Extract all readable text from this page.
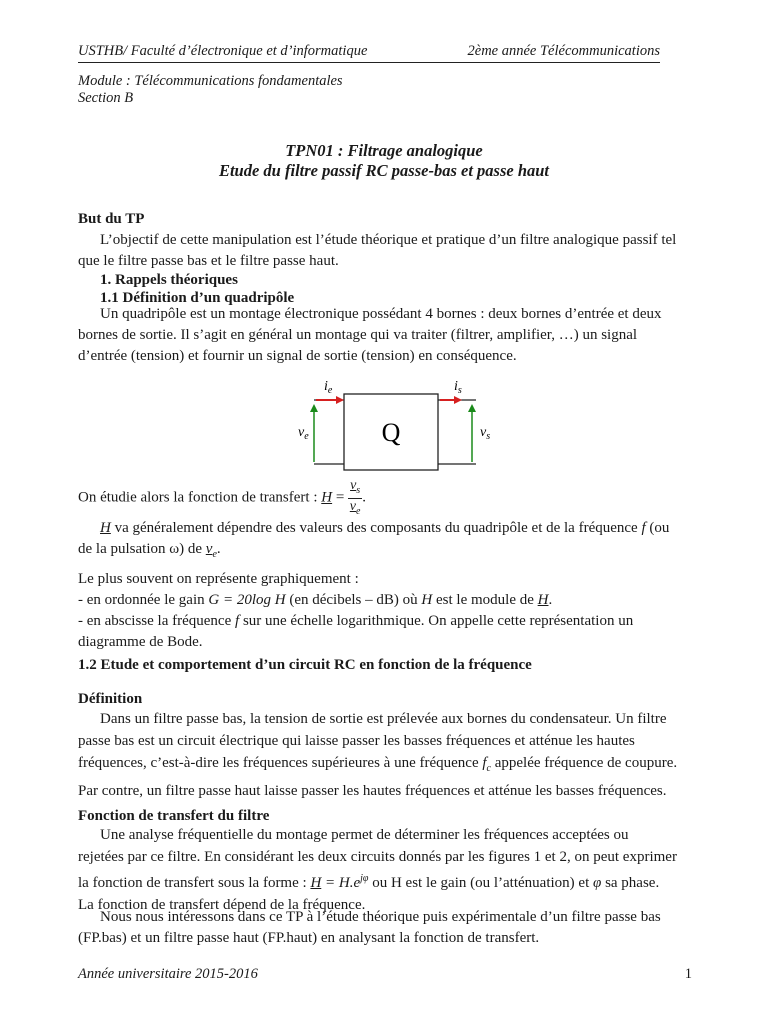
USTHB/ Faculté d’électronique et d’informatique	2ème année Télécommunications
Module : Télécommunications fondamentales
Section B
TPN01 : Filtrage analogique
Etude du filtre passif RC passe-bas et passe haut
But du TP
L’objectif de cette manipulation est l’étude théorique et pratique d’un filtre analogique passif tel que le filtre passe bas et le filtre passe haut.
1. Rappels théoriques
1.1 Définition d’un quadripôle
Un quadripôle est un montage électronique possédant 4 bornes : deux bornes d’entrée et deux bornes de sortie. Il s’agit en général un montage qui va traiter (filtrer, amplifier, …) un signal d’entrée (tension) et fournir un signal de sortie (tension) en conséquence.
Q
$i_e$	$i_s$
$v_e$	$v_s$
On étudie alors la fonction de transfert : $H = \frac{v_s}{v_e}$ .
H va généralement dépendre des valeurs des composants du quadripôle et de la fréquence f (ou de la pulsation ω) de $v_e$.
Le plus souvent on représente graphiquement :
- en ordonnée le gain G = 20log H (en décibels – dB) où H est le module de H.
- en abscisse la fréquence f sur une échelle logarithmique. On appelle cette représentation un diagramme de Bode.
1.2 Etude et comportement d’un circuit RC en fonction de la fréquence
Définition
Dans un filtre passe bas, la tension de sortie est prélevée aux bornes du condensateur. Un filtre passe bas est un circuit électrique qui laisse passer les basses fréquences et atténue les hautes fréquences, c’est-à-dire les fréquences supérieures à une fréquence $f_c$ appelée fréquence de coupure. Par contre, un filtre passe haut laisse passer les hautes fréquences et atténue les basses fréquences.
Fonction de transfert du filtre
Une analyse fréquentielle du montage permet de déterminer les fréquences acceptées ou rejetées par ce filtre. En considérant les deux circuits donnés par les figures 1 et 2, on peut exprimer la fonction de transfert sous la forme : $H = H.e^{j\varphi}$ ou H est le gain (ou l’atténuation) et φ sa phase. La fonction de transfert dépend de la fréquence.
Nous nous intéressons dans ce TP à l’étude théorique puis expérimentale d’un filtre passe bas (FP.bas) et un filtre passe haut (FP.haut) en analysant la fonction de transfert.
Année universitaire 2015-2016	1
